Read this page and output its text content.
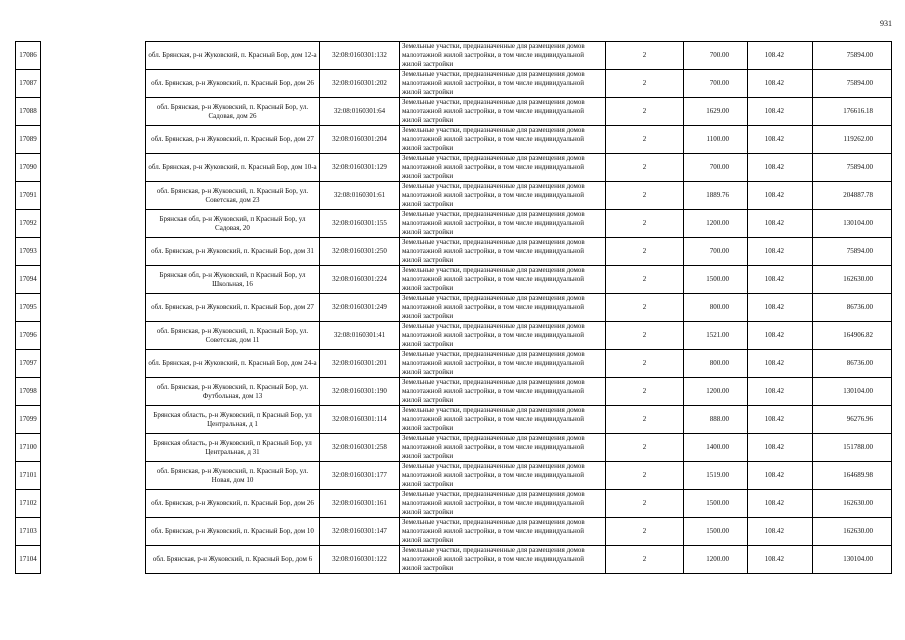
931
17086		обл. Брянская, р-н Жуковский, п. Красный Бор, дом 12-а	32:08:0160301:132	Земельные участки, предназначенные для размещения домов малоэтажной жилой застройки, в том числе индивидуальной жилой застройки	2	700.00	108.42	75894.00
17087		обл. Брянская, р-н Жуковский, п. Красный Бор, дом 26	32:08:0160301:202	Земельные участки, предназначенные для размещения домов малоэтажной жилой застройки, в том числе индивидуальной жилой застройки	2	700.00	108.42	75894.00
17088		обл. Брянская, р-н Жуковский, п. Красный Бор, ул. Садовая, дом 26	32:08:0160301:64	Земельные участки, предназначенные для размещения домов малоэтажной жилой застройки, в том числе индивидуальной жилой застройки	2	1629.00	108.42	176616.18
17089		обл. Брянская, р-н Жуковский, п. Красный Бор, дом 27	32:08:0160301:204	Земельные участки, предназначенные для размещения домов малоэтажной жилой застройки, в том числе индивидуальной жилой застройки	2	1100.00	108.42	119262.00
17090		обл. Брянская, р-н Жуковский, п. Красный Бор, дом 10-а	32:08:0160301:129	Земельные участки, предназначенные для размещения домов малоэтажной жилой застройки, в том числе индивидуальной жилой застройки	2	700.00	108.42	75894.00
17091		обл. Брянская, р-н Жуковский, п. Красный Бор, ул. Советская, дом 23	32:08:0160301:61	Земельные участки, предназначенные для размещения домов малоэтажной жилой застройки, в том числе индивидуальной жилой застройки	2	1889.76	108.42	204887.78
17092		Брянская обл, р-н Жуковский, п Красный Бор, ул Садовая, 20	32:08:0160301:155	Земельные участки, предназначенные для размещения домов малоэтажной жилой застройки, в том числе индивидуальной жилой застройки	2	1200.00	108.42	130104.00
17093		обл. Брянская, р-н Жуковский, п. Красный Бор, дом 31	32:08:0160301:250	Земельные участки, предназначенные для размещения домов малоэтажной жилой застройки, в том числе индивидуальной жилой застройки	2	700.00	108.42	75894.00
17094		Брянская обл, р-н Жуковский, п Красный Бор, ул Школьная, 16	32:08:0160301:224	Земельные участки, предназначенные для размещения домов малоэтажной жилой застройки, в том числе индивидуальной жилой застройки	2	1500.00	108.42	162630.00
17095		обл. Брянская, р-н Жуковский, п. Красный Бор, дом 27	32:08:0160301:249	Земельные участки, предназначенные для размещения домов малоэтажной жилой застройки, в том числе индивидуальной жилой застройки	2	800.00	108.42	86736.00
17096		обл. Брянская, р-н Жуковский, п. Красный Бор, ул. Советская, дом 11	32:08:0160301:41	Земельные участки, предназначенные для размещения домов малоэтажной жилой застройки, в том числе индивидуальной жилой застройки	2	1521.00	108.42	164906.82
17097		обл. Брянская, р-н Жуковский, п. Красный Бор, дом 24-а	32:08:0160301:201	Земельные участки, предназначенные для размещения домов малоэтажной жилой застройки, в том числе индивидуальной жилой застройки	2	800.00	108.42	86736.00
17098		обл. Брянская, р-н Жуковский, п. Красный Бор, ул. Футбольная, дом 13	32:08:0160301:190	Земельные участки, предназначенные для размещения домов малоэтажной жилой застройки, в том числе индивидуальной жилой застройки	2	1200.00	108.42	130104.00
17099		Брянская область, р-н Жуковский, п Красный Бор, ул Центральная, д 1	32:08:0160301:114	Земельные участки, предназначенные для размещения домов малоэтажной жилой застройки, в том числе индивидуальной жилой застройки	2	888.00	108.42	96276.96
17100		Брянская область, р-н Жуковский, п Красный Бор, ул Центральная, д 31	32:08:0160301:258	Земельные участки, предназначенные для размещения домов малоэтажной жилой застройки, в том числе индивидуальной жилой застройки	2	1400.00	108.42	151788.00
17101		обл. Брянская, р-н Жуковский, п. Красный Бор, ул. Новая, дом 10	32:08:0160301:177	Земельные участки, предназначенные для размещения домов малоэтажной жилой застройки, в том числе индивидуальной жилой застройки	2	1519.00	108.42	164689.98
17102		обл. Брянская, р-н Жуковский, п. Красный Бор, дом 26	32:08:0160301:161	Земельные участки, предназначенные для размещения домов малоэтажной жилой застройки, в том числе индивидуальной жилой застройки	2	1500.00	108.42	162630.00
17103		обл. Брянская, р-н Жуковский, п. Красный Бор, дом 10	32:08:0160301:147	Земельные участки, предназначенные для размещения домов малоэтажной жилой застройки, в том числе индивидуальной жилой застройки	2	1500.00	108.42	162630.00
17104		обл. Брянская, р-н Жуковский, п. Красный Бор, дом 6	32:08:0160301:122	Земельные участки, предназначенные для размещения домов малоэтажной жилой застройки, в том числе индивидуальной жилой застройки	2	1200.00	108.42	130104.00
